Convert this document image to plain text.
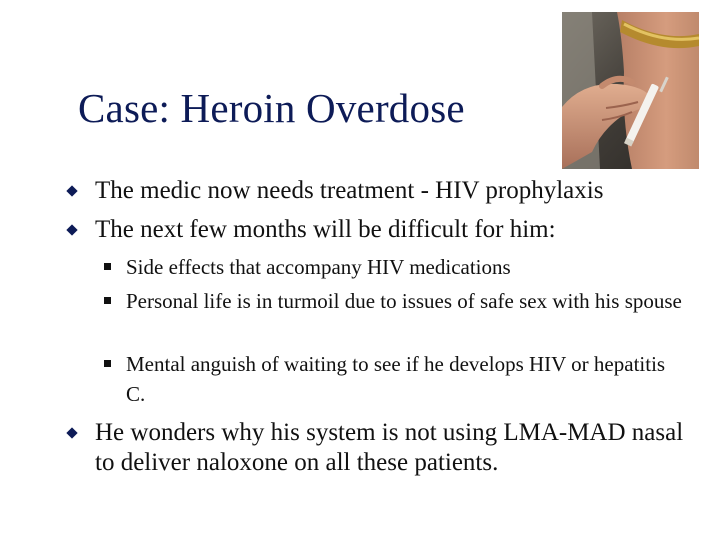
Case: Heroin Overdose
The medic now needs treatment - HIV prophylaxis
The next few months will be difficult for him:
Side effects that accompany HIV medications
Personal life is in turmoil due to issues of safe sex with his spouse
Mental anguish of waiting to see if he develops HIV or hepatitis C.
He wonders why his system is not using LMA-MAD nasal to deliver naloxone on all these patients.
